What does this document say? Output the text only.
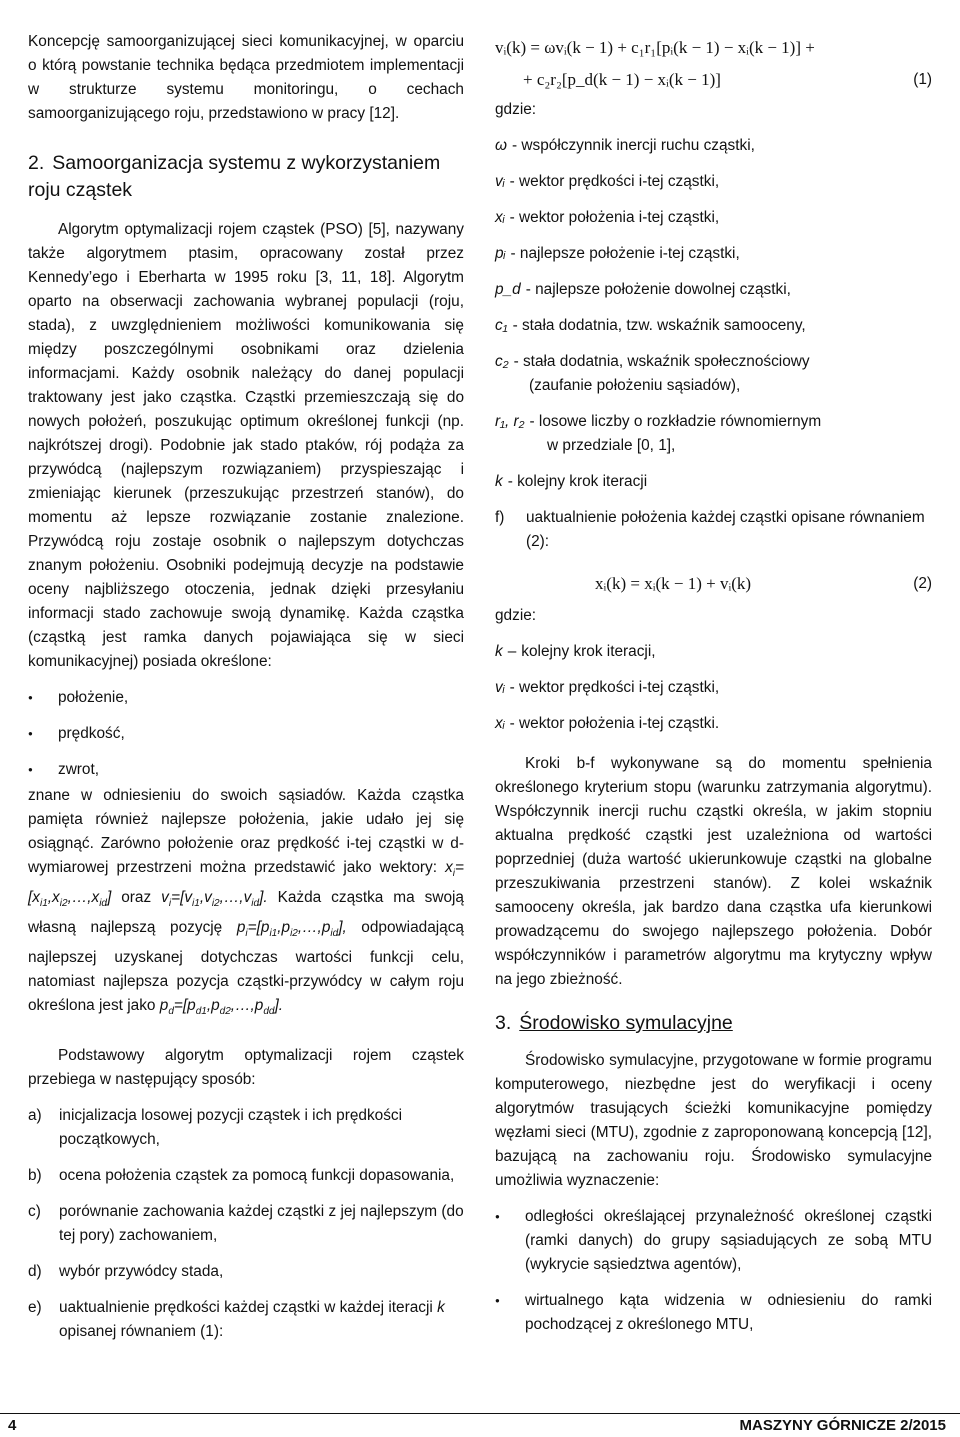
Koncepcję samoorganizującej sieci komunikacyjnej, w oparciu o którą powstanie technika będąca przedmiotem implementacji w strukturze systemu monitoringu, o cechach samoorganizującego roju, przedstawiono w pracy [12].

2. Samoorganizacja systemu z wykorzystaniem roju cząstek

Algorytm optymalizacji rojem cząstek (PSO) [5], nazywany także algorytmem ptasim, opracowany został przez Kennedy’ego i Eberharta w 1995 roku [3, 11, 18]. Algorytm oparto na obserwacji zachowania wybranej populacji (roju, stada), z uwzględnieniem możliwości komunikowania się między poszczególnymi osobnikami oraz dzielenia informacjami. Każdy osobnik należący do danej populacji traktowany jest jako cząstka. Cząstki przemieszczają się do nowych położeń, poszukując optimum określonej funkcji (np. najkrótszej drogi). Podobnie jak stado ptaków, rój podąża za przywódcą (najlepszym rozwiązaniem) przyspieszając i zmieniając kierunek (przeszukując przestrzeń stanów), do momentu aż lepsze rozwiązanie zostanie znalezione. Przywódcą roju zostaje osobnik o najlepszym dotychczas znanym położeniu. Osobniki podejmują decyzje na podstawie oceny najbliższego otoczenia, jednak dzięki przesyłaniu informacji stado zachowuje swoją dynamikę. Każda cząstka (cząstką jest ramka danych pojawiająca się w sieci komunikacyjnej) posiada określone:

● położenie,
● prędkość,
● zwrot,

znane w odniesieniu do swoich sąsiadów. Każda cząstka pamięta również najlepsze położenia, jakie udało jej się osiągnąć. Zarówno położenie oraz prędkość i-tej cząstki w d-wymiarowej przestrzeni można przedstawić jako wektory: $x_i=[x_{i1},x_{i2},\dots,x_{id}]$ oraz $v_i=[v_{i1},v_{i2},\dots,v_{id}]$. Każda cząstka ma swoją własną najlepszą pozycję $p_i=[p_{i1},p_{i2},\dots,p_{id}]$, odpowiadającą najlepszej uzyskanej dotychczas wartości funkcji celu, natomiast najlepsza pozycja cząstki-przywódcy w całym roju określona jest jako $p_d=[p_{d1},p_{d2},\dots,p_{dd}]$.

Podstawowy algorytm optymalizacji rojem cząstek przebiega w następujący sposób:

a)	inicjalizacja losowej pozycji cząstek i ich prędkości początkowych,
b)	ocena położenia cząstek za pomocą funkcji dopasowania,
c)	porównanie zachowania każdej cząstki z jej najlepszym (do tej pory) zachowaniem,
d)	wybór przywódcy stada,
e)	uaktualnienie prędkości każdej cząstki w każdej iteracji k opisanej równaniem (1):
vᵢ(k) = ωvᵢ(k − 1) + c₁r₁[pᵢ(k − 1) − xᵢ(k − 1)] +
+ c₂r₂[p_d(k − 1) − xᵢ(k − 1)]	(1)
gdzie:
ω - współczynnik inercji ruchu cząstki,
vᵢ - wektor prędkości i-tej cząstki,
xᵢ - wektor położenia i-tej cząstki,
pᵢ - najlepsze położenie i-tej cząstki,
p_d - najlepsze położenie dowolnej cząstki,
c₁ - stała dodatnia, tzw. wskaźnik samooceny,
c₂ - stała dodatnia, wskaźnik społecznościowy
(zaufanie położeniu sąsiadów),
r₁, r₂ - losowe liczby o rozkładzie równomiernym
w przedziale [0, 1],
k - kolejny krok iteracji
f)	uaktualnienie położenia każdej cząstki opisane równaniem (2):
xᵢ(k) = xᵢ(k − 1) + vᵢ(k)	(2)
gdzie:
k – kolejny krok iteracji,
vᵢ - wektor prędkości i-tej cząstki,
xᵢ - wektor położenia i-tej cząstki.

Kroki b-f wykonywane są do momentu spełnienia określonego kryterium stopu (warunku zatrzymania algorytmu). Współczynnik inercji ruchu cząstki określa, w jakim stopniu aktualna prędkość cząstki jest uzależniona od wartości poprzedniej (duża wartość ukierunkowuje cząstki na globalne przeszukiwania przestrzeni stanów). Z kolei wskaźnik samooceny określa, jak bardzo dana cząstka ufa kierunkowi prowadzącemu do swojego najlepszego położenia. Dobór współczynników i parametrów algorytmu ma krytyczny wpływ na jego zbieżność.

3. Środowisko symulacyjne

Środowisko symulacyjne, przygotowane w formie programu komputerowego, niezbędne jest do weryfikacji i oceny algorytmów trasujących ścieżki komunikacyjne pomiędzy węzłami sieci (MTU), zgodnie z zaproponowaną koncepcją [12], bazującą na zachowaniu roju. Środowisko symulacyjne umożliwia wyznaczenie:

● odległości określającej przynależność określonej cząstki (ramki danych) do grupy sąsiadujących ze sobą MTU (wykrycie sąsiedztwa agentów),
● wirtualnego kąta widzenia w odniesieniu do ramki pochodzącej z określonego MTU,
4	MASZYNY GÓRNICZE 2/2015
